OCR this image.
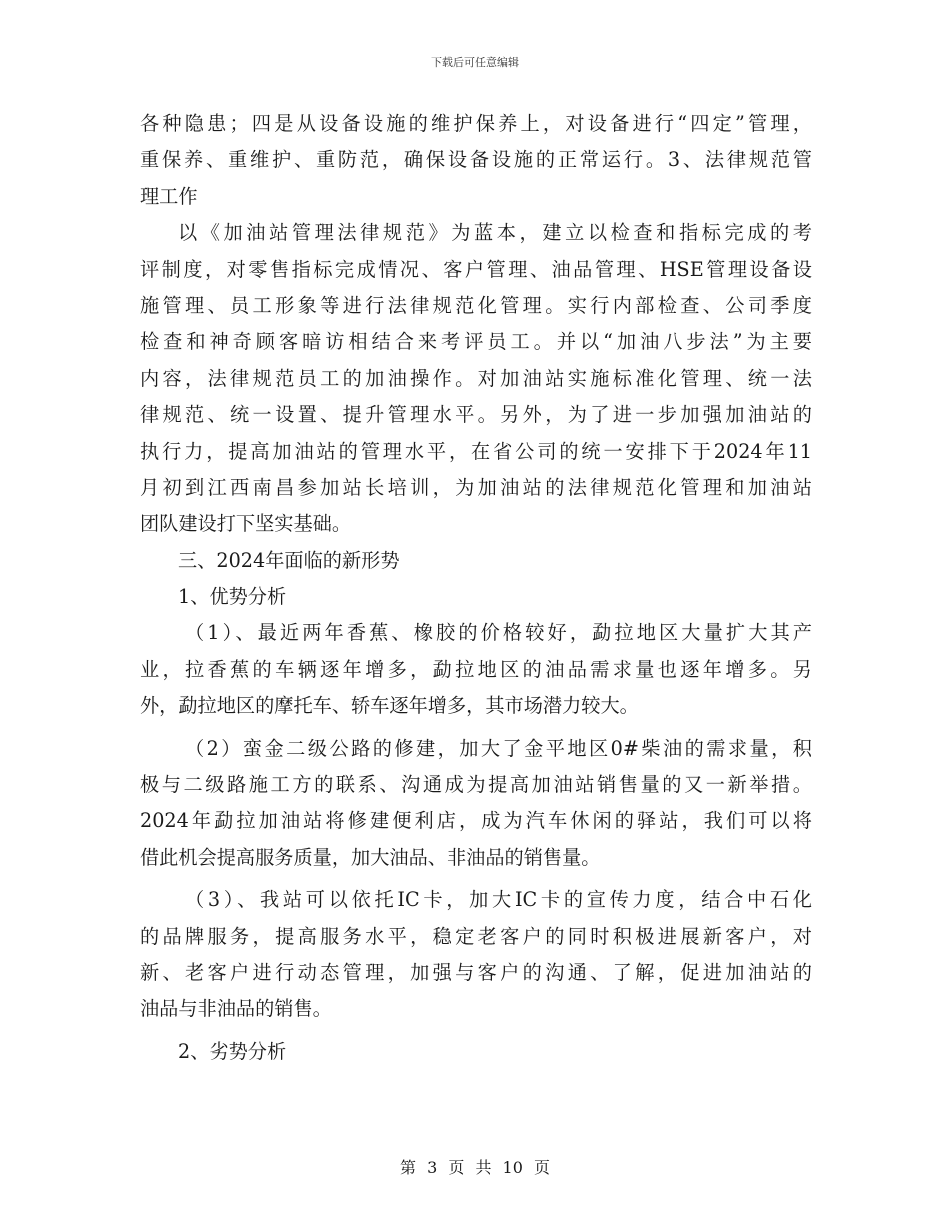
下载后可任意编辑
各种隐患；四是从设备设施的维护保养上，对设备进行“四定”管理，
重保养、重维护、重防范，确保设备设施的正常运行。3、法律规范管
理工作
以《加油站管理法律规范》为蓝本，建立以检查和指标完成的考
评制度，对零售指标完成情况、客户管理、油品管理、HSE管理设备设
施管理、员工形象等进行法律规范化管理。实行内部检查、公司季度
检查和神奇顾客暗访相结合来考评员工。并以“加油八步法”为主要
内容，法律规范员工的加油操作。对加油站实施标准化管理、统一法
律规范、统一设置、提升管理水平。另外，为了进一步加强加油站的
执行力，提高加油站的管理水平，在省公司的统一安排下于2024年11
月初到江西南昌参加站长培训，为加油站的法律规范化管理和加油站
团队建设打下坚实基础。
三、2024年面临的新形势
1、优势分析
（1）、最近两年香蕉、橡胶的价格较好，勐拉地区大量扩大其产
业，拉香蕉的车辆逐年增多，勐拉地区的油品需求量也逐年增多。另
外，勐拉地区的摩托车、轿车逐年增多，其市场潜力较大。
（2）蛮金二级公路的修建，加大了金平地区0#柴油的需求量，积
极与二级路施工方的联系、沟通成为提高加油站销售量的又一新举措。
2024年勐拉加油站将修建便利店，成为汽车休闲的驿站，我们可以将
借此机会提高服务质量，加大油品、非油品的销售量。
（3）、我站可以依托IC卡，加大IC卡的宣传力度，结合中石化
的品牌服务，提高服务水平，稳定老客户的同时积极进展新客户，对
新、老客户进行动态管理，加强与客户的沟通、了解，促进加油站的
油品与非油品的销售。
2、劣势分析
第 3 页 共 10 页
